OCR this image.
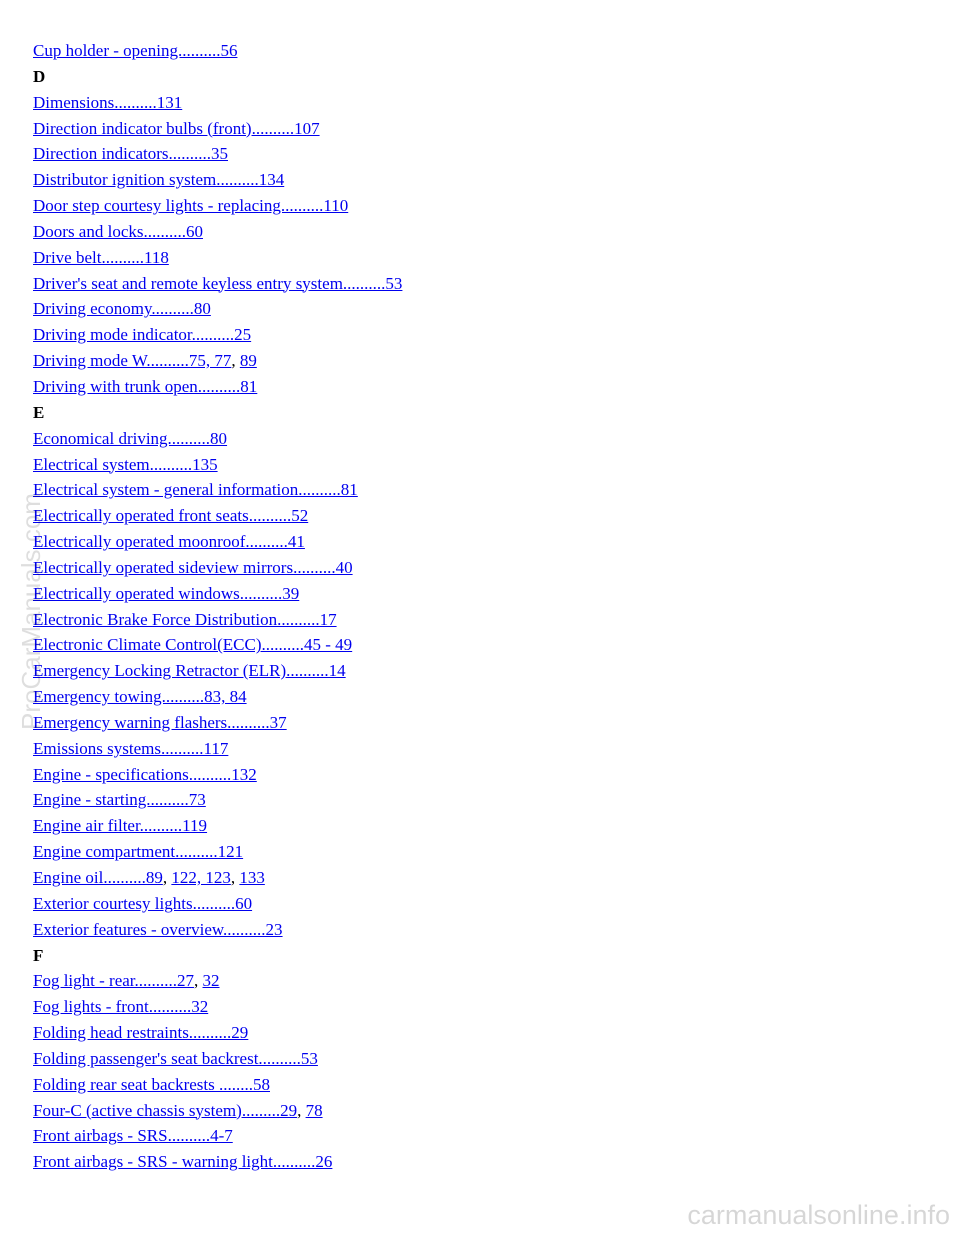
Cup holder - opening..........56
D
Dimensions..........131
Direction indicator bulbs (front)..........107
Direction indicators..........35
Distributor ignition system..........134
Door step courtesy lights - replacing..........110
Doors and locks..........60
Drive belt..........118
Driver's seat and remote keyless entry system..........53
Driving economy..........80
Driving mode indicator..........25
Driving mode W..........75, 77, 89
Driving with trunk open..........81
E
Economical driving..........80
Electrical system..........135
Electrical system - general information..........81
Electrically operated front seats..........52
Electrically operated moonroof..........41
Electrically operated sideview mirrors..........40
Electrically operated windows..........39
Electronic Brake Force Distribution..........17
Electronic Climate Control(ECC)..........45 - 49
Emergency Locking Retractor (ELR)..........14
Emergency towing..........83, 84
Emergency warning flashers..........37
Emissions systems..........117
Engine - specifications..........132
Engine - starting..........73
Engine air filter..........119
Engine compartment..........121
Engine oil..........89, 122, 123, 133
Exterior courtesy lights..........60
Exterior features - overview..........23
F
Fog light - rear..........27, 32
Fog lights - front..........32
Folding head restraints..........29
Folding passenger's seat backrest..........53
Folding rear seat backrests ........58
Four-C (active chassis system).........29, 78
Front airbags - SRS..........4-7
Front airbags - SRS - warning light..........26
ProCarManuals.com
carmanualsonline.info
